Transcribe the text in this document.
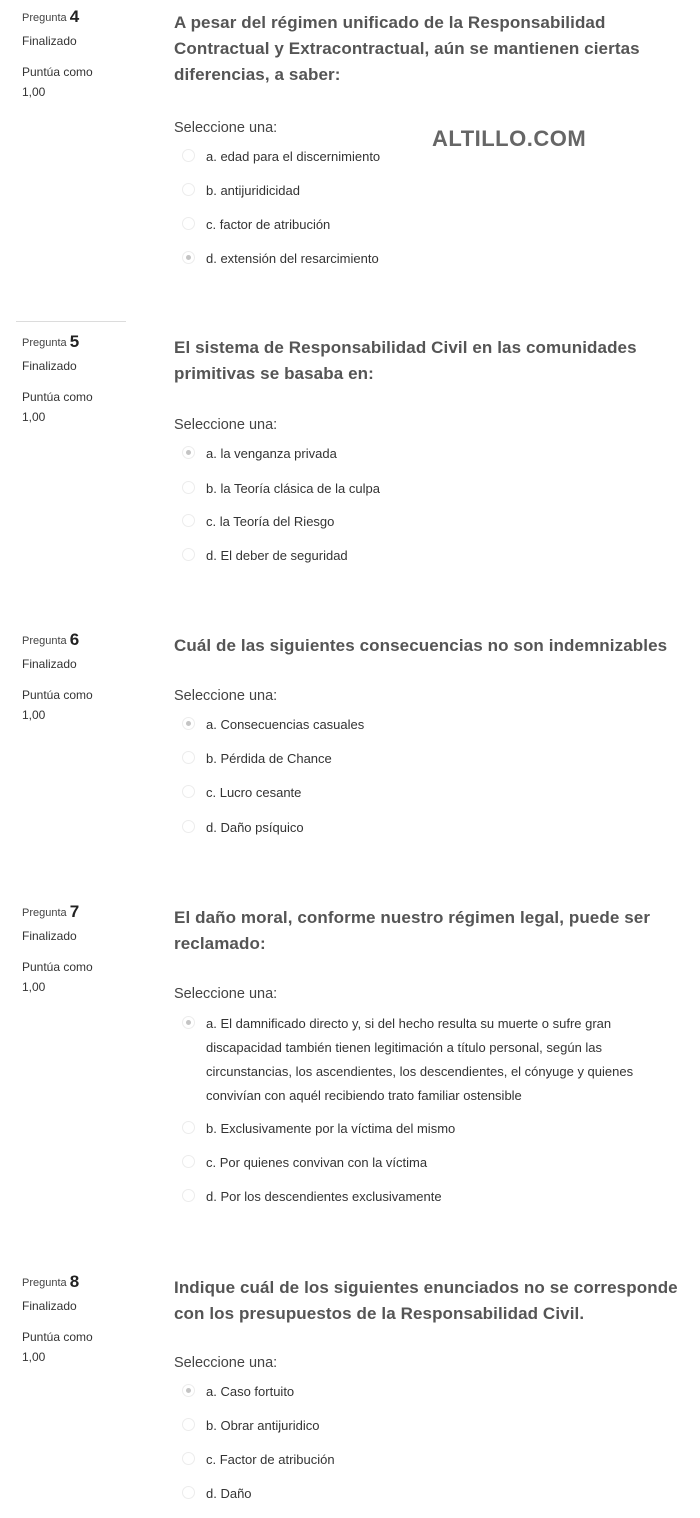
ALTILLO.COM
Pregunta 4
Finalizado
Puntúa como
1,00
A pesar del régimen unificado de la Responsabilidad Contractual y Extracontractual, aún se mantienen ciertas diferencias, a saber:
Seleccione una:
a. edad para el discernimiento
b. antijuridicidad
c. factor de atribución
d. extensión del resarcimiento
Pregunta 5
Finalizado
Puntúa como
1,00
El sistema de Responsabilidad Civil en las comunidades primitivas se basaba en:
Seleccione una:
a. la venganza privada
b. la Teoría clásica de la culpa
c. la Teoría del Riesgo
d. El deber de seguridad
Pregunta 6
Finalizado
Puntúa como
1,00
Cuál de las siguientes consecuencias no son indemnizables
Seleccione una:
a. Consecuencias casuales
b. Pérdida de Chance
c. Lucro cesante
d. Daño psíquico
Pregunta 7
Finalizado
Puntúa como
1,00
El daño moral, conforme nuestro régimen legal, puede ser reclamado:
Seleccione una:
a. El damnificado directo y, si del hecho resulta su muerte o sufre gran discapacidad también tienen legitimación a título personal, según las circunstancias, los ascendientes, los descendientes, el cónyuge y quienes convivían con aquél recibiendo trato familiar ostensible
b. Exclusivamente por la víctima del mismo
c. Por quienes convivan con la víctima
d. Por los descendientes exclusivamente
Pregunta 8
Finalizado
Puntúa como
1,00
Indique cuál de los siguientes enunciados no se corresponde con los presupuestos de la Responsabilidad Civil.
Seleccione una:
a. Caso fortuito
b. Obrar antijuridico
c. Factor de atribución
d. Daño
